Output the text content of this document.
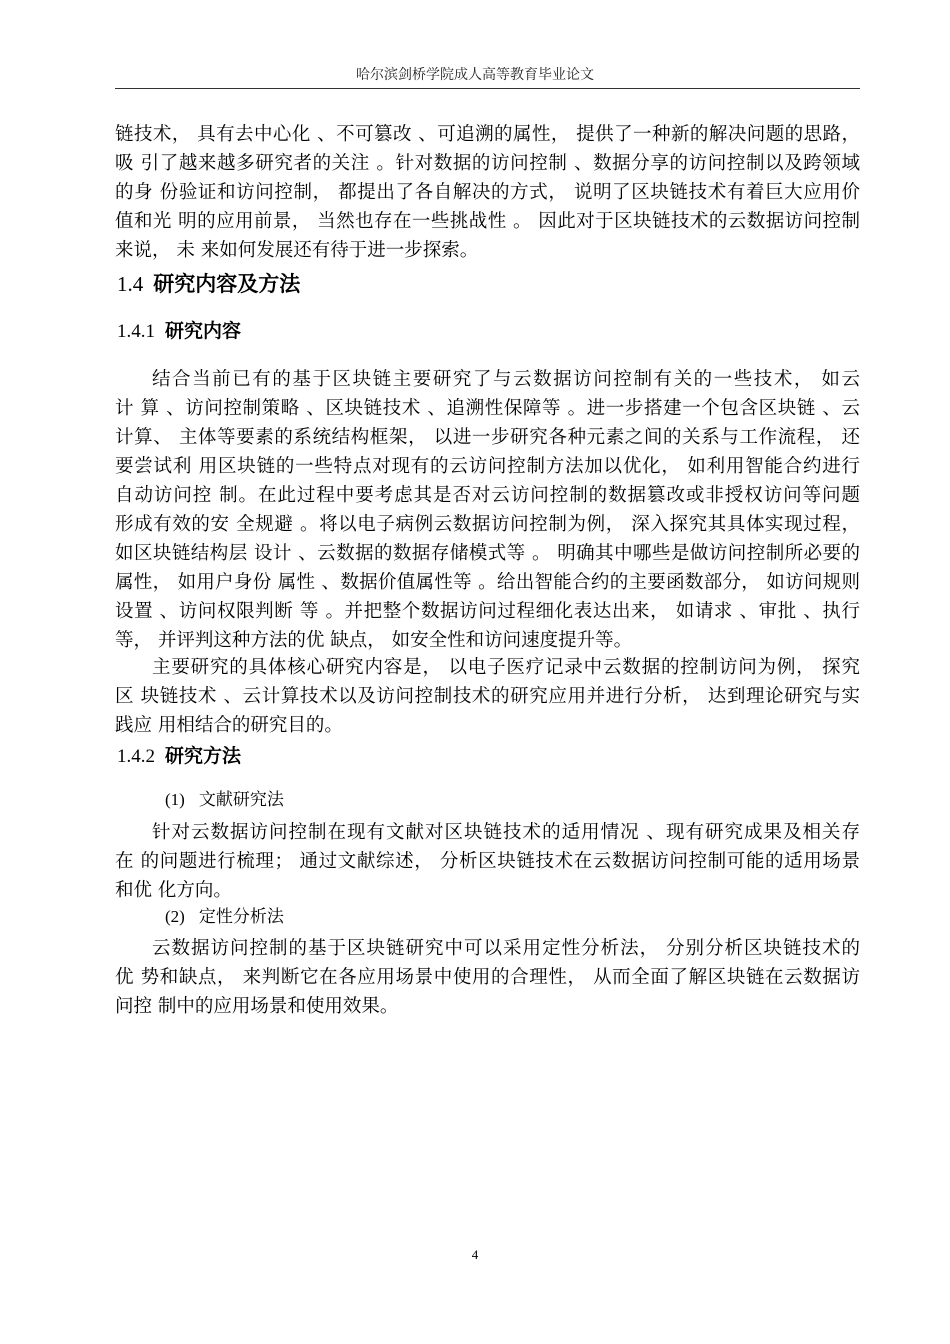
哈尔滨剑桥学院成人高等教育毕业论文
1.4 研究内容及方法
1.4.1 研究内容
1.4.2 研究方法
(1) 文献研究法
(2) 定性分析法
链技术， 具有去中心化 、不可篡改 、可追溯的属性， 提供了一种新的解决问题的思路，
吸 引了越来越多研究者的关注 。针对数据的访问控制 、数据分享的访问控制以及跨领域
的身 份验证和访问控制， 都提出了各自解决的方式， 说明了区块链技术有着巨大应用价
值和光 明的应用前景， 当然也存在一些挑战性 。 因此对于区块链技术的云数据访问控制
来说， 未 来如何发展还有待于进一步探索。
结合当前已有的基于区块链主要研究了与云数据访问控制有关的一些技术， 如云
计 算 、访问控制策略 、区块链技术 、追溯性保障等 。进一步搭建一个包含区块链 、云
计算、 主体等要素的系统结构框架， 以进一步研究各种元素之间的关系与工作流程， 还
要尝试利 用区块链的一些特点对现有的云访问控制方法加以优化， 如利用智能合约进行
自动访问控 制。在此过程中要考虑其是否对云访问控制的数据篡改或非授权访问等问题
形成有效的安 全规避 。将以电子病例云数据访问控制为例， 深入探究其具体实现过程，
如区块链结构层 设计 、云数据的数据存储模式等 。 明确其中哪些是做访问控制所必要的
属性， 如用户身份 属性 、数据价值属性等 。给出智能合约的主要函数部分， 如访问规则
设置 、访问权限判断 等 。并把整个数据访问过程细化表达出来， 如请求 、审批 、执行
等， 并评判这种方法的优 缺点， 如安全性和访问速度提升等。
主要研究的具体核心研究内容是， 以电子医疗记录中云数据的控制访问为例， 探究
区 块链技术 、云计算技术以及访问控制技术的研究应用并进行分析， 达到理论研究与实
践应 用相结合的研究目的。
针对云数据访问控制在现有文献对区块链技术的适用情况 、现有研究成果及相关存
在 的问题进行梳理； 通过文献综述， 分析区块链技术在云数据访问控制可能的适用场景
和优 化方向。
云数据访问控制的基于区块链研究中可以采用定性分析法， 分别分析区块链技术的
优 势和缺点， 来判断它在各应用场景中使用的合理性， 从而全面了解区块链在云数据访
问控 制中的应用场景和使用效果。
4
